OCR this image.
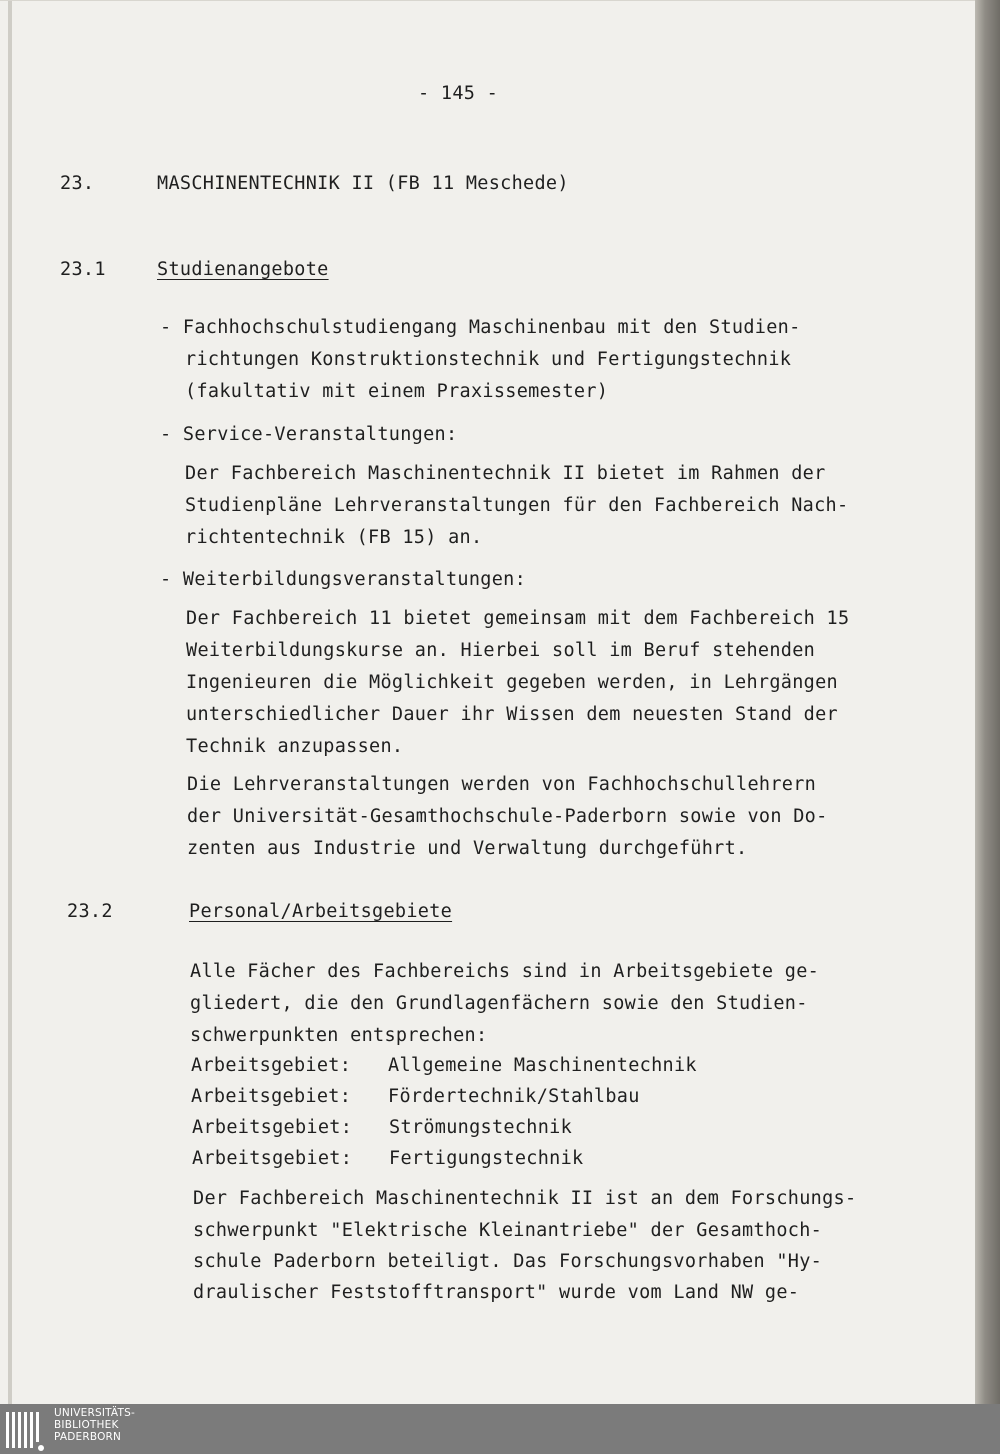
- 145 -
23.	MASCHINENTECHNIK II (FB 11 Meschede)
23.1	Studienangebote
- Fachhochschulstudiengang Maschinenbau mit den Studien-
richtungen Konstruktionstechnik und Fertigungstechnik
(fakultativ mit einem Praxissemester)
- Service-Veranstaltungen:
Der Fachbereich Maschinentechnik II bietet im Rahmen der
Studienpläne Lehrveranstaltungen für den Fachbereich Nach-
richtentechnik (FB 15) an.
- Weiterbildungsveranstaltungen:
Der Fachbereich 11 bietet gemeinsam mit dem Fachbereich 15
Weiterbildungskurse an. Hierbei soll im Beruf stehenden
Ingenieuren die Möglichkeit gegeben werden, in Lehrgängen
unterschiedlicher Dauer ihr Wissen dem neuesten Stand der
Technik anzupassen.
Die Lehrveranstaltungen werden von Fachhochschullehrern
der Universität-Gesamthochschule-Paderborn sowie von Do-
zenten aus Industrie und Verwaltung durchgeführt.
23.2	Personal/Arbeitsgebiete
Alle Fächer des Fachbereichs sind in Arbeitsgebiete ge-
gliedert, die den Grundlagenfächern sowie den Studien-
schwerpunkten entsprechen:
Arbeitsgebiet: Allgemeine Maschinentechnik
Arbeitsgebiet: Fördertechnik/Stahlbau
Arbeitsgebiet: Strömungstechnik
Arbeitsgebiet: Fertigungstechnik
Der Fachbereich Maschinentechnik II ist an dem Forschungs-
schwerpunkt "Elektrische Kleinantriebe" der Gesamthoch-
schule Paderborn beteiligt. Das Forschungsvorhaben "Hy-
draulischer Feststofftransport" wurde vom Land NW ge-
UNIVERSITÄTS-
BIBLIOTHEK
PADERBORN
